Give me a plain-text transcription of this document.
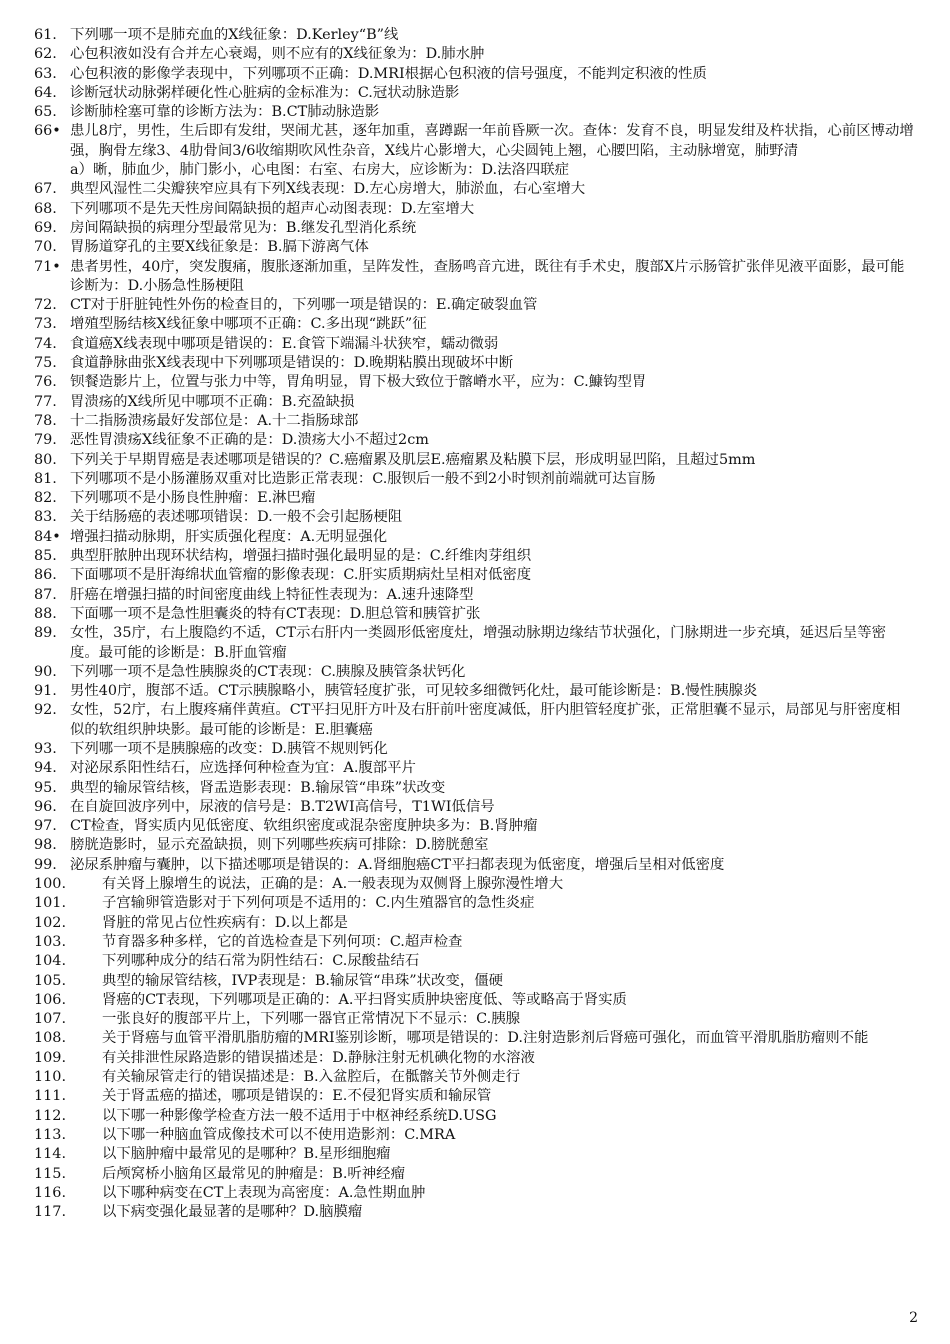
61. 下列哪一项不是肺充血的X线征象：D.Kerley“B”线
62. 心包积液如没有合并左心衰竭，则不应有的X线征象为：D.肺水肿
63. 心包积液的影像学表现中，下列哪项不正确：D.MRI根据心包积液的信号强度，不能判定积液的性质
64. 诊断冠状动脉粥样硬化性心脏病的金标准为：C.冠状动脉造影
65. 诊断肺栓塞可靠的诊断方法为：B.CT肺动脉造影
66• 患儿8庁，男性，生后即有发绀，哭闹尤甚，逐年加重，喜蹲踞一年前昏厥一次。查体：发育不良，明显发绀及杵状指，心前区博动增强，胸骨左缘3、4肋骨间3/6收缩期吹风性杂音，X线片心影增大，心尖圆钝上翘，心腰凹陷，主动脉增宽，肺野清
a）晰，肺血少，肺门影小，心电图：右室、右房大，应诊断为：D.法洛四联症
67. 典型风湿性二尖瓣狭窄应具有下列X线表现：D.左心房增大，肺淤血，右心室增大
68. 下列哪项不是先天性房间隔缺损的超声心动图表现：D.左室增大
69. 房间隔缺损的病理分型最常见为：B.继发孔型消化系统
70. 胃肠道穿孔的主要X线征象是：B.膈下游离气体
71• 患者男性，40庁，突发腹痛，腹胀逐渐加重，呈阵发性，查肠鸣音亢进，既往有手术史，腹部X片示肠管扩张伴见液平面影，最可能诊断为：D.小肠急性肠梗阻
72. CT对于肝脏钝性外伤的检查目的，下列哪一项是错误的：E.确定破裂血管
73. 增殖型肠结核X线征象中哪项不正确：C.多出现“跳跃”征
74. 食道癌X线表现中哪项是错误的：E.食管下端漏斗状狭窄，蠕动微弱
75. 食道静脉曲张X线表现中下列哪项是错误的：D.晚期粘膜出现破坏中断
76. 钡餐造影片上，位置与张力中等，胃角明显，胃下极大致位于髂嵴水平，应为：C.鱇钩型胃
77. 胃溃疡的X线所见中哪项不正确：B.充盈缺损
78. 十二指肠溃疡最好发部位是：A.十二指肠球部
79. 恶性胃溃疡X线征象不正确的是：D.溃疡大小不超过2cm
80. 下列关于早期胃癌是表述哪项是错误的？C.癌瘤累及肌层E.癌瘤累及粘膜下层，形成明显凹陷，且超过5mm
81. 下列哪项不是小肠灌肠双重对比造影正常表现：C.服钡后一般不到2小时钡剂前端就可达盲肠
82. 下列哪项不是小肠良性肿瘤：E.淋巴瘤
83. 关于结肠癌的表述哪项错误：D.一般不会引起肠梗阻
84• 增强扫描动脉期，肝实质强化程度：A.无明显强化
85. 典型肝脓肿出现环状结构，增强扫描时强化最明显的是：C.纤维肉芽组织
86. 下面哪项不是肝海绵状血管瘤的影像表现：C.肝实质期病灶呈相对低密度
87. 肝癌在增强扫描的时间密度曲线上特征性表现为：A.速升速降型
88. 下面哪一项不是急性胆囊炎的特有CT表现：D.胆总管和胰管扩张
89. 女性，35庁，右上腹隐约不适，CT示右肝内一类圆形低密度灶，增强动脉期边缘结节状强化，门脉期进一步充填，延迟后呈等密度。最可能的诊断是：B.肝血管瘤
90. 下列哪一项不是急性胰腺炎的CT表现：C.胰腺及胰管条状钙化
91. 男性40庁，腹部不适。CT示胰腺略小，胰管轻度扩张，可见较多细微钙化灶，最可能诊断是：B.慢性胰腺炎
92. 女性，52庁，右上腹疼痛伴黄疸。CT平扫见肝方叶及右肝前叶密度减低，肝内胆管轻度扩张，正常胆囊不显示，局部见与肝密度相似的软组织肿块影。最可能的诊断是：E.胆囊癌
93. 下列哪一项不是胰腺癌的改变：D.胰管不规则钙化
94. 对泌尿系阳性结石，应选择何种检查为宜：A.腹部平片
95. 典型的输尿管结核，肾盂造影表现：B.输尿管“串珠”状改变
96. 在自旋回波序列中，尿液的信号是：B.T2WI高信号，T1WI低信号
97. CT检查，肾实质内见低密度、软组织密度或混杂密度肿块多为：B.肾肿瘤
98. 膀胱造影时，显示充盈缺损，则下列哪些疾病可排除：D.膀胱憩室
99. 泌尿系肿瘤与囊肿，以下描述哪项是错误的：A.肾细胞癌CT平扫都表现为低密度，增强后呈相对低密度
100.	有关肾上腺增生的说法，正确的是：A.一般表现为双侧肾上腺弥漫性增大
101.	子宫输卵管造影对于下列何项是不适用的：C.内生殖器官的急性炎症
102.	肾脏的常见占位性疾病有：D.以上都是
103.	节育器多种多样，它的首选检查是下列何项：C.超声检查
104.	下列哪种成分的结石常为阴性结石：C.尿酸盐结石
105.	典型的输尿管结核，IVP表现是：B.输尿管“串珠”状改变，僵硬
106.	肾癌的CT表现，下列哪项是正确的：A.平扫肾实质肿块密度低、等或略高于肾实质
107.	一张良好的腹部平片上，下列哪一器官正常情况下不显示：C.胰腺
108.	关于肾癌与血管平滑肌脂肪瘤的MRI鉴别诊断，哪项是错误的：D.注射造影剂后肾癌可强化，而血管平滑肌脂肪瘤则不能
109.	有关排泄性尿路造影的错误描述是：D.静脉注射无机碘化物的水溶液
110.	有关输尿管走行的错误描述是：B.入盆腔后，在骶髂关节外侧走行
111.	关于肾盂癌的描述，哪项是错误的：E.不侵犯肾实质和输尿管
112.	以下哪一种影像学检查方法一般不适用于中枢神经系统D.USG
113.	以下哪一种脑血管成像技术可以不使用造影剂：C.MRA
114.	以下脑肿瘤中最常见的是哪种？B.星形细胞瘤
115.	后颅窝桥小脑角区最常见的肿瘤是：B.听神经瘤
116.	以下哪种病变在CT上表现为高密度：A.急性期血肿
117.	以下病变强化最显著的是哪种？D.脑膜瘤
2
